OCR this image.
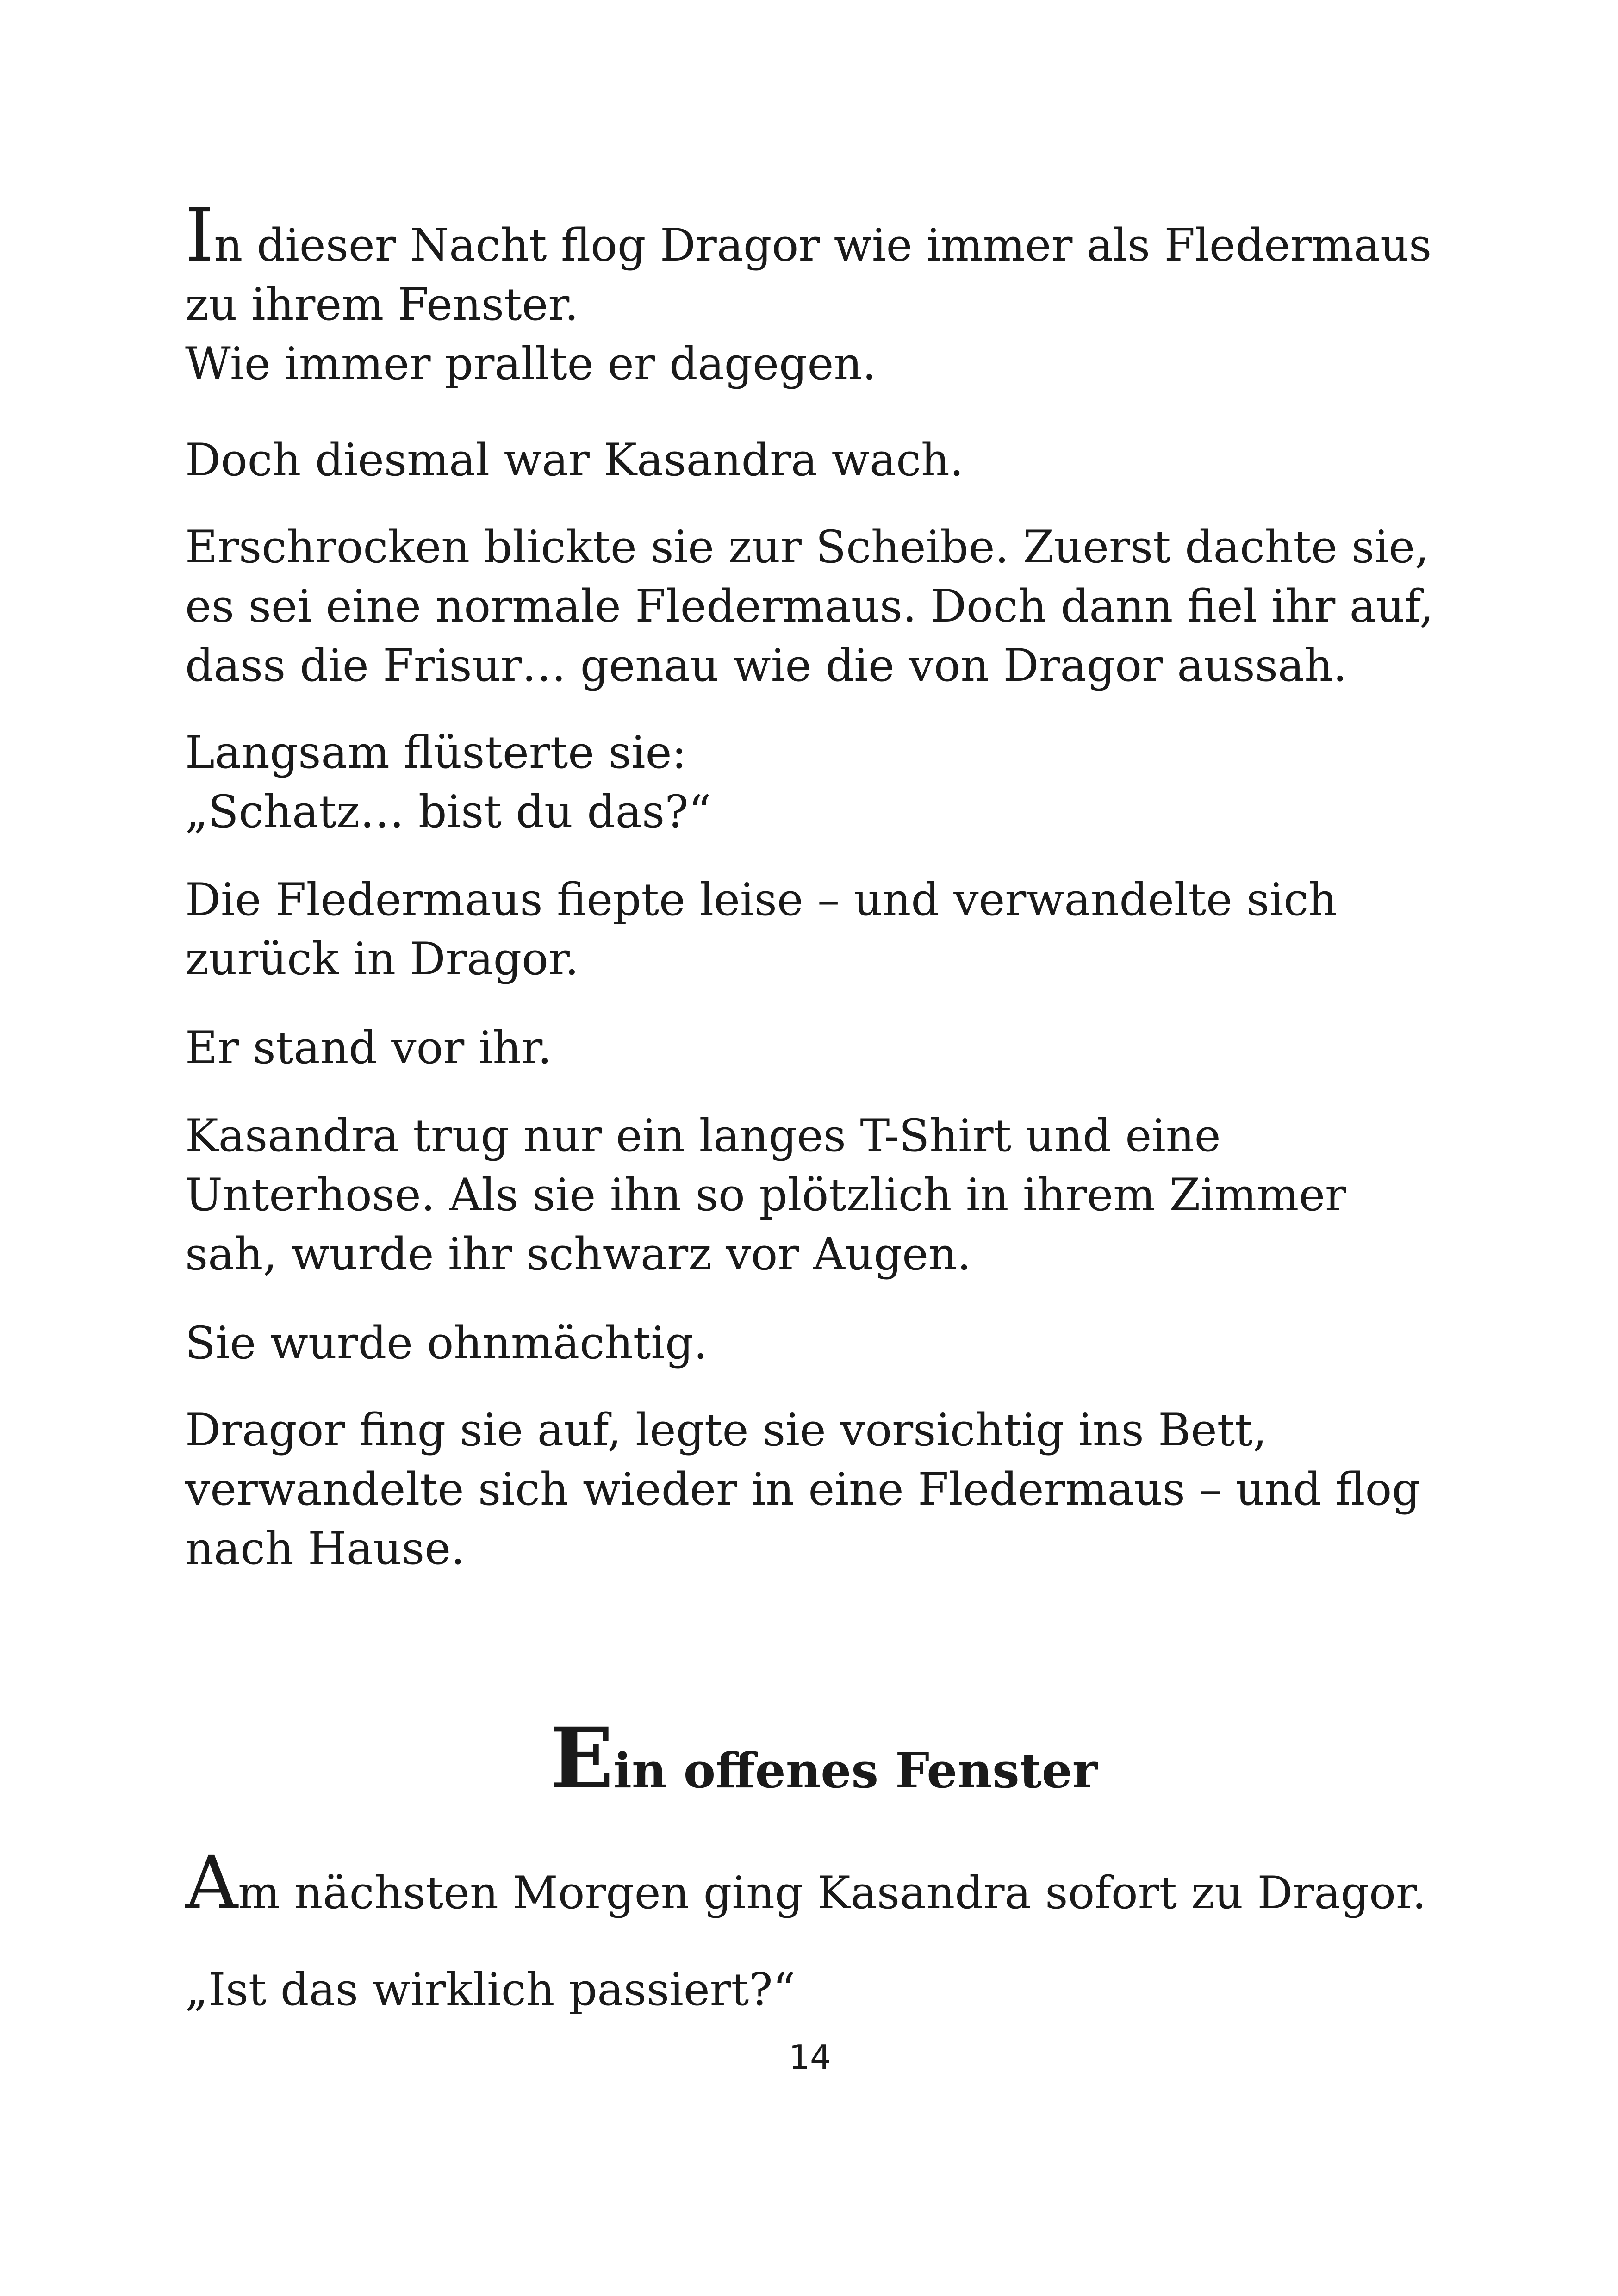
In dieser Nacht flog Dragor wie immer als Fledermaus
zu ihrem Fenster.
Wie immer prallte er dagegen.

Doch diesmal war Kasandra wach.

Erschrocken blickte sie zur Scheibe. Zuerst dachte sie,
es sei eine normale Fledermaus. Doch dann fiel ihr auf,
dass die Frisur… genau wie die von Dragor aussah.

Langsam flüsterte sie:
„Schatz… bist du das?“

Die Fledermaus fiepte leise – und verwandelte sich
zurück in Dragor.

Er stand vor ihr.

Kasandra trug nur ein langes T-Shirt und eine
Unterhose. Als sie ihn so plötzlich in ihrem Zimmer
sah, wurde ihr schwarz vor Augen.

Sie wurde ohnmächtig.

Dragor fing sie auf, legte sie vorsichtig ins Bett,
verwandelte sich wieder in eine Fledermaus – und flog
nach Hause.

Ein offenes Fenster

Am nächsten Morgen ging Kasandra sofort zu Dragor.

„Ist das wirklich passiert?“

14
